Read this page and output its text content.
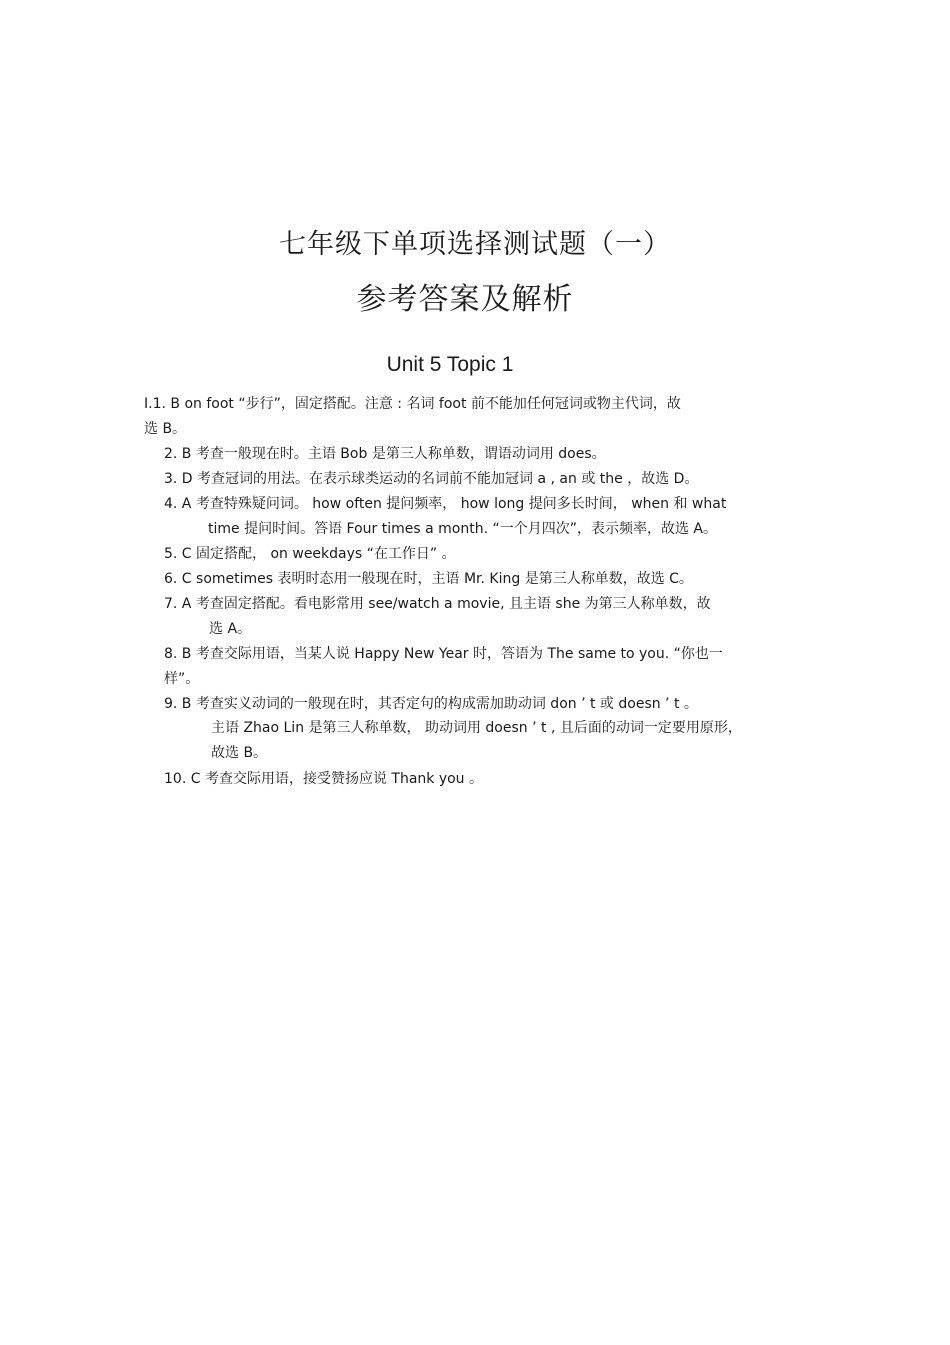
七年级下单项选择测试题（一）
参考答案及解析
Unit 5 Topic 1
Ⅰ.1. B on foot “步行”，固定搭配。注意 : 名词 foot 前不能加任何冠词或物主代词，故
选 B。
2. B 考查一般现在时。主语 Bob 是第三人称单数，谓语动词用 does。
3. D 考查冠词的用法。在表示球类运动的名词前不能加冠词 a , an 或 the ，故选 D。
4. A 考查特殊疑问词。 how often 提问频率， how long 提问多长时间， when 和 what
time 提问时间。答语 Four times a month. “一个月四次”，表示频率，故选 A。
5. C 固定搭配， on weekdays “在工作日” 。
6. C sometimes 表明时态用一般现在时，主语 Mr. King 是第三人称单数，故选 C。
7. A 考查固定搭配。看电影常用 see/watch a movie, 且主语 she 为第三人称单数，故
选 A。
8. B 考查交际用语，当某人说 Happy New Year 时，答语为 The same to you. “你也一
样”。
9. B 考查实义动词的一般现在时，其否定句的构成需加助动词 don ’ t 或 doesn ’ t 。
主语 Zhao Lin 是第三人称单数， 助动词用 doesn ’ t , 且后面的动词一定要用原形，
故选 B。
10. C 考查交际用语，接受赞扬应说 Thank you 。
